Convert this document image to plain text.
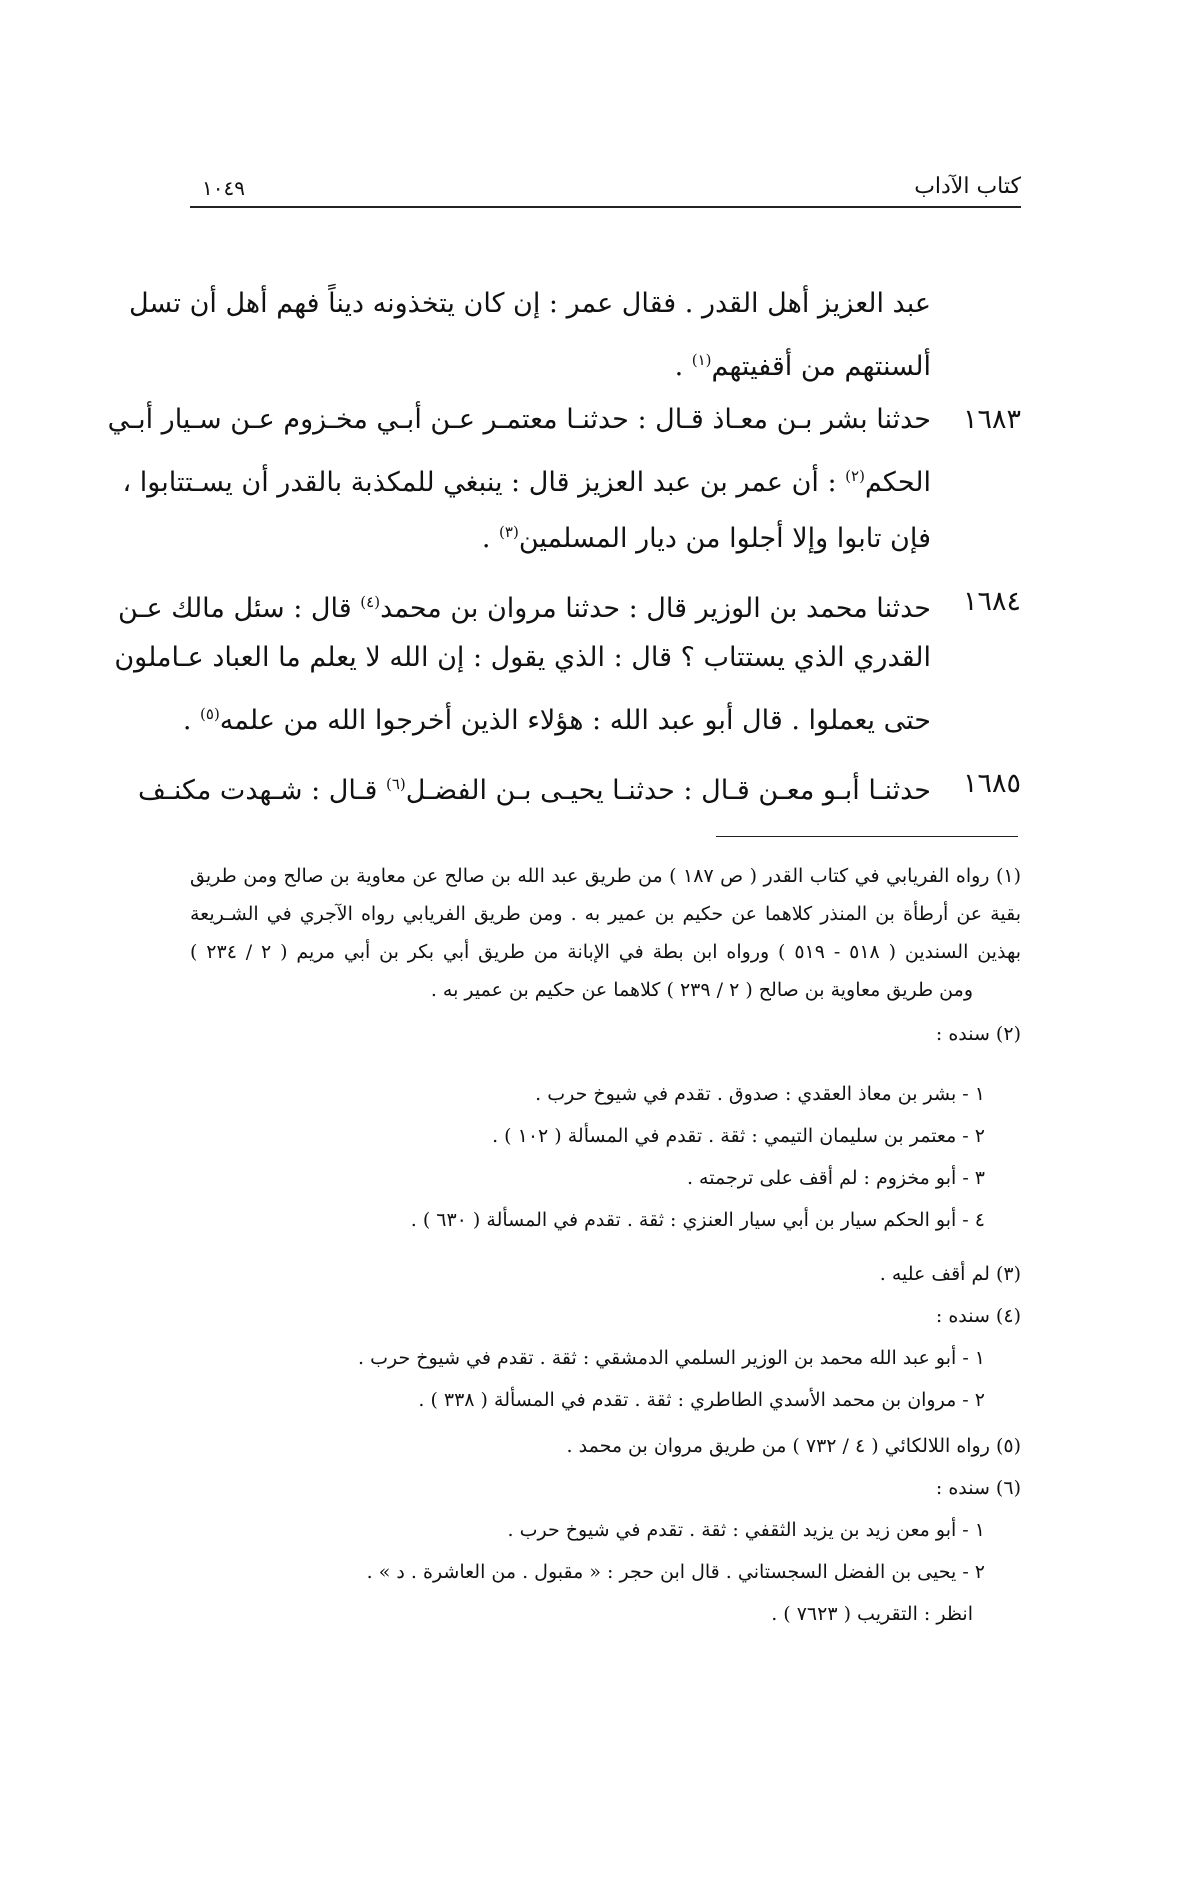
كتاب الآداب
١٠٤٩
عبد العزيز أهل القدر . فقال عمر : إن كان يتخذونه ديناً فهم أهل أن تسل
ألسنتهم من أقفيتهم$^{(١)}$ .
١٦٨٣
حدثنا بشر بـن معـاذ قـال : حدثنـا معتمـر عـن أبـي مخـزوم عـن سـيار أبـي
الحكم$^{(٢)}$ : أن عمر بن عبد العزيز قال : ينبغي للمكذبة بالقدر أن يسـتتابوا ،
فإن تابوا وإلا أجلوا من ديار المسلمين$^{(٣)}$ .
١٦٨٤
حدثنا محمد بن الوزير قال : حدثنا مروان بن محمد$^{(٤)}$ قال : سئل مالك عـن
القدري الذي يستتاب ؟ قال : الذي يقول : إن الله لا يعلم ما العباد عـاملون
حتى يعملوا . قال أبو عبد الله : هؤلاء الذين أخرجوا الله من علمه$^{(٥)}$ .
١٦٨٥
حدثنـا أبـو معـن قـال : حدثنـا يحيـى بـن الفضـل$^{(٦)}$ قـال : شـهدت مكنـف
(١) رواه الفريابي في كتاب القدر ( ص ١٨٧ ) من طريق عبد الله بن صالح عن معاوية بن صالح ومن طريق
بقية عن أرطأة بن المنذر كلاهما عن حكيم بن عمير به . ومن طريق الفريابي رواه الآجري في الشـريعة
بهذين السندين ( ٥١٨ - ٥١٩ ) ورواه ابن بطة في الإبانة من طريق أبي بكر بن أبي مريم ( ٢ / ٢٣٤ )
ومن طريق معاوية بن صالح ( ٢ / ٢٣٩ ) كلاهما عن حكيم بن عمير به .
(٢) سنده :
١ - بشر بن معاذ العقدي : صدوق . تقدم في شيوخ حرب .
٢ - معتمر بن سليمان التيمي : ثقة . تقدم في المسألة ( ١٠٢ ) .
٣ - أبو مخزوم : لم أقف على ترجمته .
٤ - أبو الحكم سيار بن أبي سيار العنزي : ثقة . تقدم في المسألة ( ٦٣٠ ) .
(٣) لم أقف عليه .
(٤) سنده :
١ - أبو عبد الله محمد بن الوزير السلمي الدمشقي : ثقة . تقدم في شيوخ حرب .
٢ - مروان بن محمد الأسدي الطاطري : ثقة . تقدم في المسألة ( ٣٣٨ ) .
(٥) رواه اللالكائي ( ٤ / ٧٣٢ ) من طريق مروان بن محمد .
(٦) سنده :
١ - أبو معن زيد بن يزيد الثقفي : ثقة . تقدم في شيوخ حرب .
٢ - يحيى بن الفضل السجستاني . قال ابن حجر : « مقبول . من العاشرة . د » .
انظر : التقريب ( ٧٦٢٣ ) .
